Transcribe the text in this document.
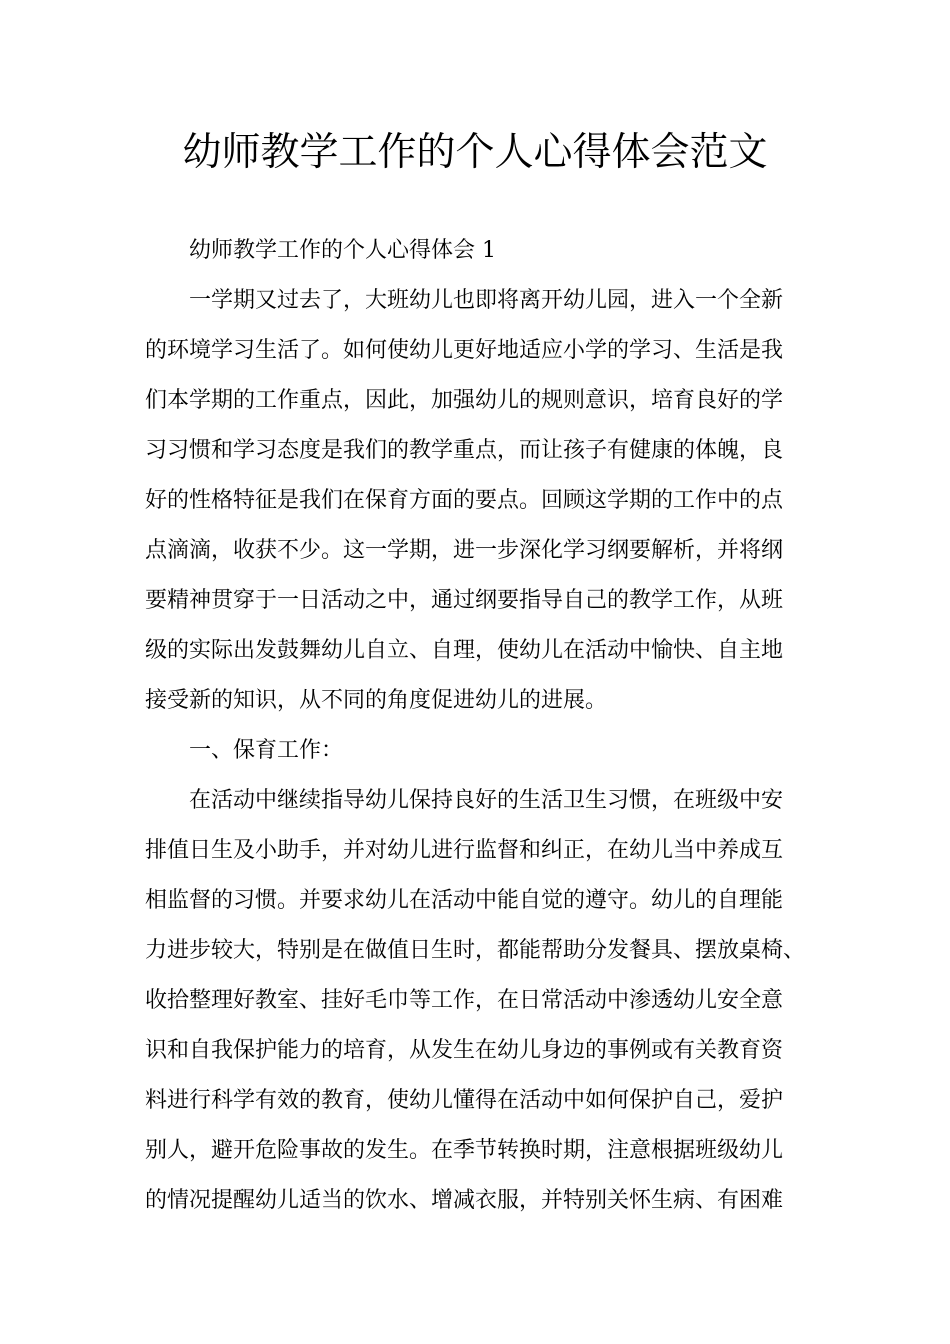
幼师教学工作的个人心得体会范文
幼师教学工作的个人心得体会 1
一学期又过去了，大班幼儿也即将离开幼儿园，进入一个全新
的环境学习生活了。如何使幼儿更好地适应小学的学习、生活是我
们本学期的工作重点，因此，加强幼儿的规则意识，培育良好的学
习习惯和学习态度是我们的教学重点，而让孩子有健康的体魄，良
好的性格特征是我们在保育方面的要点。回顾这学期的工作中的点
点滴滴，收获不少。这一学期，进一步深化学习纲要解析，并将纲
要精神贯穿于一日活动之中，通过纲要指导自己的教学工作，从班
级的实际出发鼓舞幼儿自立、自理，使幼儿在活动中愉快、自主地
接受新的知识，从不同的角度促进幼儿的进展。
一、保育工作：
在活动中继续指导幼儿保持良好的生活卫生习惯，在班级中安
排值日生及小助手，并对幼儿进行监督和纠正，在幼儿当中养成互
相监督的习惯。并要求幼儿在活动中能自觉的遵守。幼儿的自理能
力进步较大，特别是在做值日生时，都能帮助分发餐具、摆放桌椅、
收拾整理好教室、挂好毛巾等工作，在日常活动中渗透幼儿安全意
识和自我保护能力的培育，从发生在幼儿身边的事例或有关教育资
料进行科学有效的教育，使幼儿懂得在活动中如何保护自己，爱护
别人，避开危险事故的发生。在季节转换时期，注意根据班级幼儿
的情况提醒幼儿适当的饮水、增减衣服，并特别关怀生病、有困难
